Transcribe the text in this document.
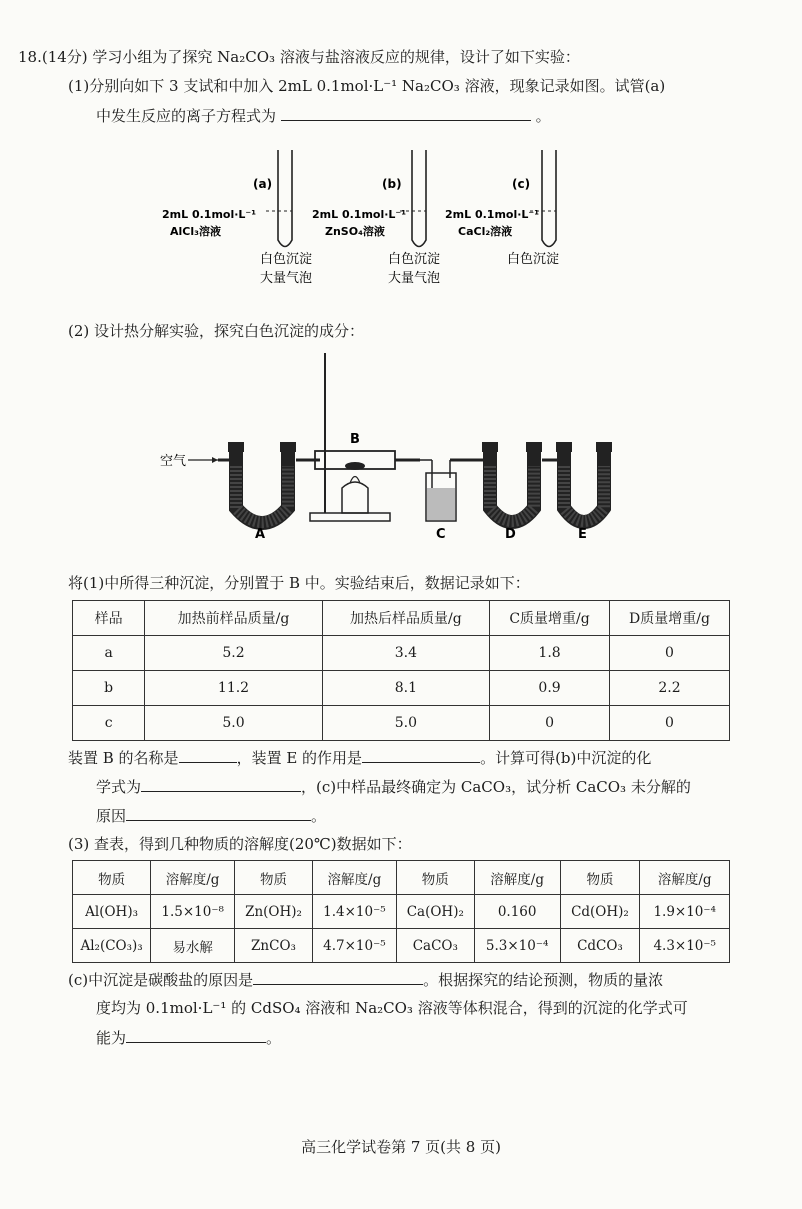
18.(14分) 学习小组为了探究 Na₂CO₃ 溶液与盐溶液反应的规律，设计了如下实验：
(1)分别向如下 3 支试和中加入 2mL 0.1mol·L⁻¹ Na₂CO₃ 溶液，现象记录如图。试管(a)
中发生反应的离子方程式为	。
(a)
2mL 0.1mol·L⁻¹
AlCl₃溶液
白色沉淀
大量气泡
(b)
2mL 0.1mol·L⁻¹
ZnSO₄溶液
白色沉淀
大量气泡
(c)
2mL 0.1mol·L⁻¹
CaCl₂溶液
白色沉淀
(2) 设计热分解实验，探究白色沉淀的成分：
空气
A
B
C	D	E
将(1)中所得三种沉淀，分别置于 B 中。实验结束后，数据记录如下：
样品	加热前样品质量/g	加热后样品质量/g	C质量增重/g	D质量增重/g
a	5.2	3.4	1.8	0
b	11.2	8.1	0.9	2.2
c	5.0	5.0	0	0
装置 B 的名称是	，装置 E 的作用是	。计算可得(b)中沉淀的化
学式为	，(c)中样品最终确定为 CaCO₃，试分析 CaCO₃ 未分解的
原因	。
(3) 查表，得到几种物质的溶解度(20℃)数据如下：
物质	溶解度/g	物质	溶解度/g	物质	溶解度/g	物质	溶解度/g
Al(OH)₃	1.5×10⁻⁸	Zn(OH)₂	1.4×10⁻⁵	Ca(OH)₂	0.160	Cd(OH)₂	1.9×10⁻⁴
Al₂(CO₃)₃	易水解	ZnCO₃	4.7×10⁻⁵	CaCO₃	5.3×10⁻⁴	CdCO₃	4.3×10⁻⁵
(c)中沉淀是碳酸盐的原因是	。根据探究的结论预测，物质的量浓
度均为 0.1mol·L⁻¹ 的 CdSO₄ 溶液和 Na₂CO₃ 溶液等体积混合，得到的沉淀的化学式可
能为	。
高三化学试卷第 7 页(共 8 页)
